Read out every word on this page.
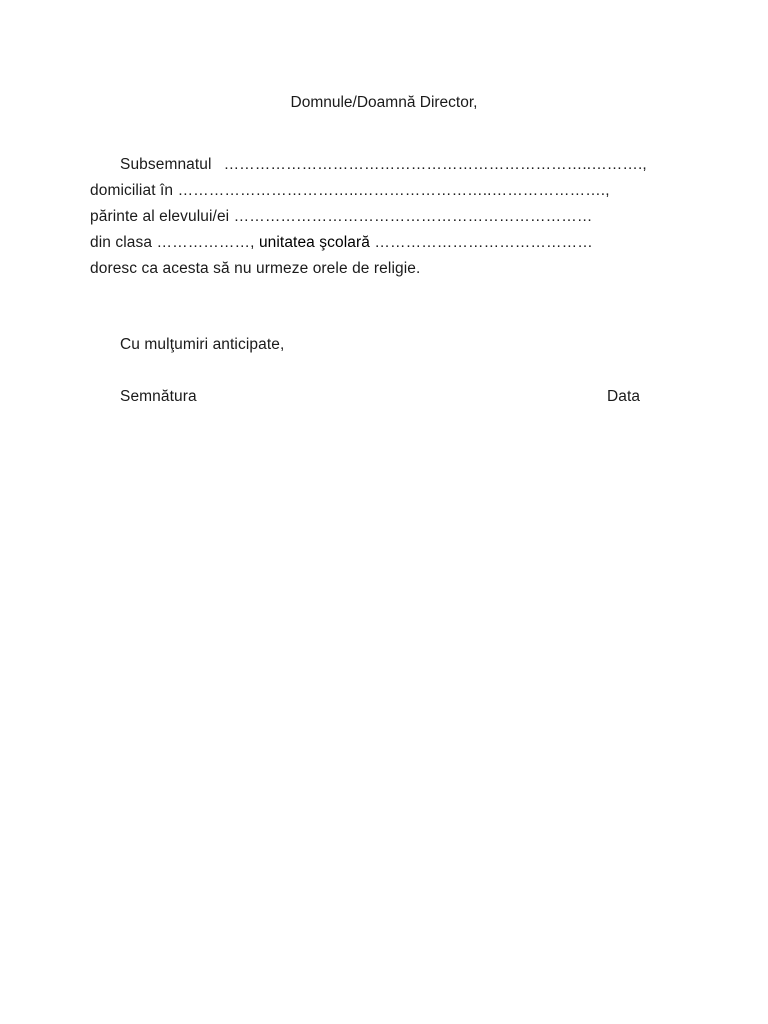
Domnule/Doamnă Director,
Subsemnatul ……………………………………………………………..……….,
domiciliat în ……………………………..……………………..………………….,
părinte al elevului/ei ……………………………………………………………
din clasa ………………, unitatea şcolară ……………………………………
doresc ca acesta să nu urmeze orele de religie.
Cu mulţumiri anticipate,
Semnătura	Data
